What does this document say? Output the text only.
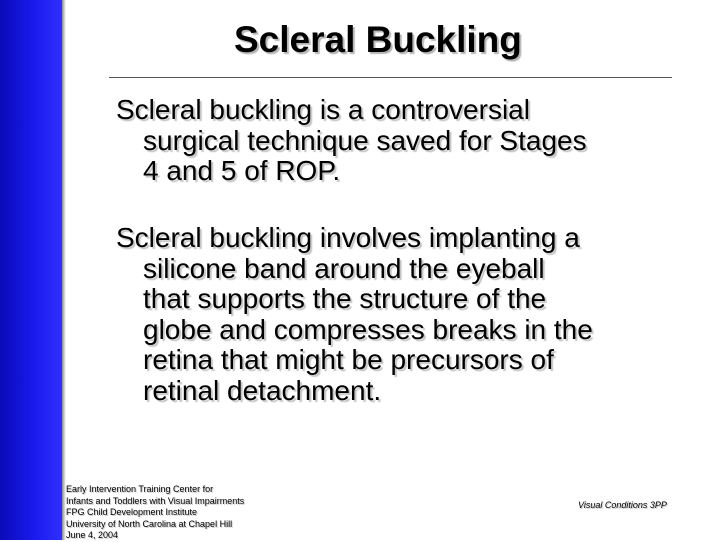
Scleral Buckling

Scleral buckling is a controversial
surgical technique saved for Stages
4 and 5 of ROP.

Scleral buckling involves implanting a
silicone band around the eyeball
that supports the structure of the
globe and compresses breaks in the
retina that might be precursors of
retinal detachment.

Early Intervention Training Center for
Infants and Toddlers with Visual Impairments
FPG Child Development Institute
University of North Carolina at Chapel Hill
June 4, 2004
Visual Conditions 3PP
